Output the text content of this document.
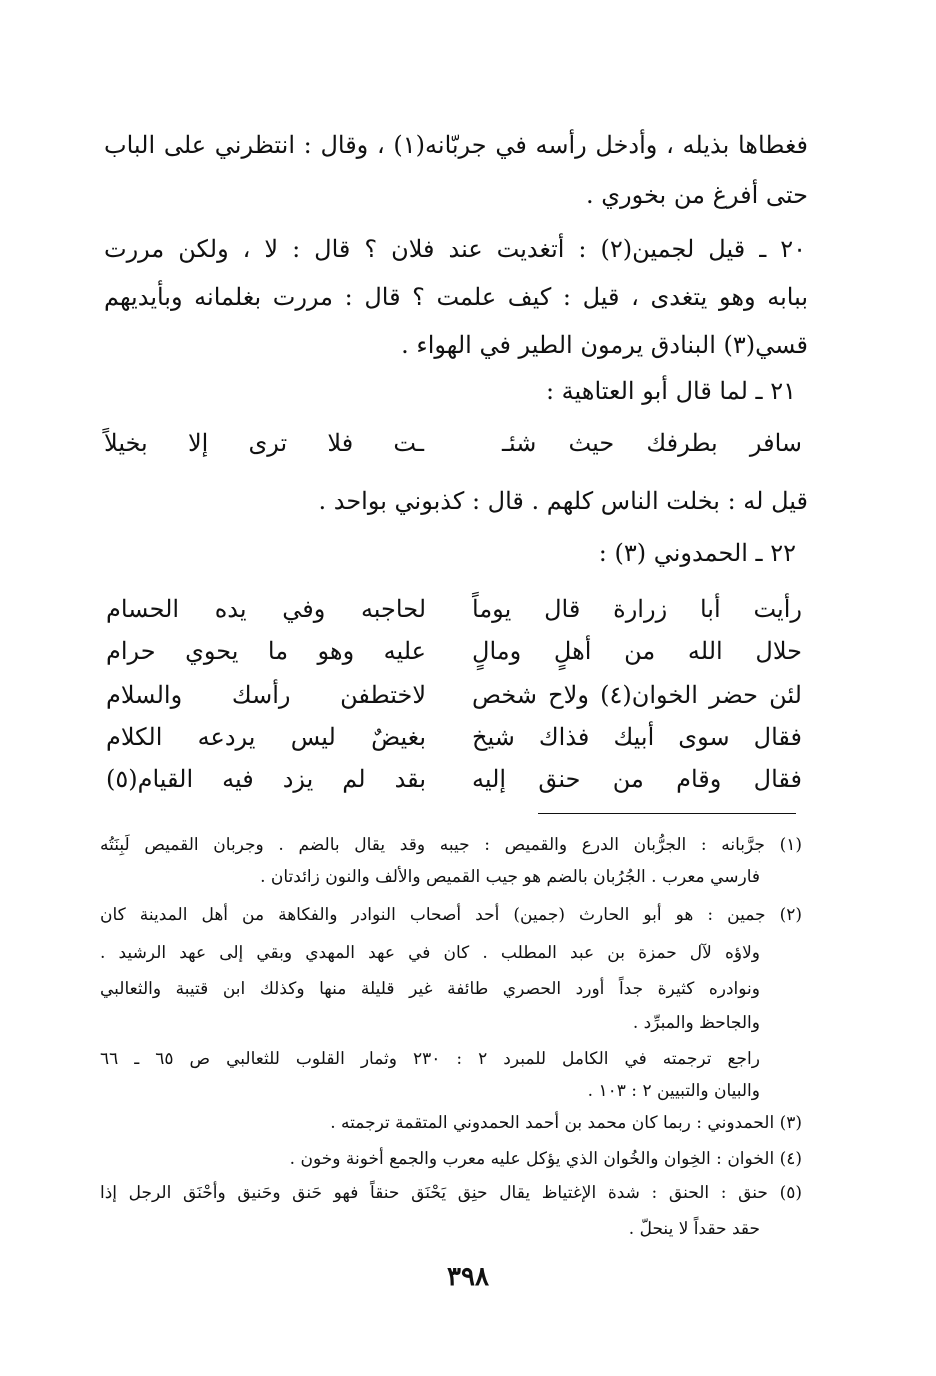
فغطاها بذيله ، وأدخل رأسه في جربّانه(١) ، وقال : انتظرني على الباب
حتى أفرغ من بخوري .
٢٠ ـ قيل لجمين(٢) : أتغديت عند فلان ؟ قال : لا ، ولكن مررت
ببابه وهو يتغدى ، قيل : كيف علمت ؟ قال : مررت بغلمانه وبأيديهم
قسي(٣) البنادق يرمون الطير في الهواء .
٢١ ـ لما قال أبو العتاهية :
سافر بطرفك حيث شئـ
ـت فلا ترى إلا بخيلاً
قيل له : بخلت الناس كلهم . قال : كذبوني بواحد .
٢٢ ـ الحمدوني (٣) :
رأيت أبا زرارة قال يوماً
لحاجبه وفي يده الحسام
حلال الله من أهلٍ ومالٍ
عليه وهو ما يحوي حرام
لئن حضر الخوان(٤) ولاح شخص
لاختطفن رأسك والسلام
فقال سوى أبيك فذاك شيخ
بغيضٌ ليس يردعه الكلام
فقال وقام من حنق إليه
بقد لم يزد فيه القيام(٥)
(١) جرَّبانه : الجرُّبان الدرع والقميص : جيبه وقد يقال بالضم . وجربان القميص لَبِنَتُه
فارسي معرب . الجُرُبان بالضم هو جيب القميص والألف والنون زائدتان .
(٢) جمين : هو أبو الحارث (جمين) أحد أصحاب النوادر والفكاهة من أهل المدينة كان
ولاؤه لآل حمزة بن عبد المطلب . كان في عهد المهدي وبقي إلى عهد الرشيد .
ونوادره كثيرة جداً أورد الحصري طائفة غير قليلة منها وكذلك ابن قتيبة والثعالبي
والجاحظ والمبرِّد .
راجع ترجمته في الكامل للمبرد ٢ : ٢٣٠ وثمار القلوب للثعالبي ص ٦٥ ـ ٦٦
والبيان والتبيين ٢ : ١٠٣ .
(٣) الحمدوني : ربما كان محمد بن أحمد الحمدوني المتقمة ترجمته .
(٤) الخوان : الخِوان والخُوان الذي يؤكل عليه معرب والجمع أخونة وخون .
(٥) حنق : الحنق : شدة الإغتياظ يقال حنِق يَحْنَق حنقاً فهو حَنق وحَنيق وأحْنَق الرجل إذا
حقد حقداً لا ينحلّ .
٣٩٨
